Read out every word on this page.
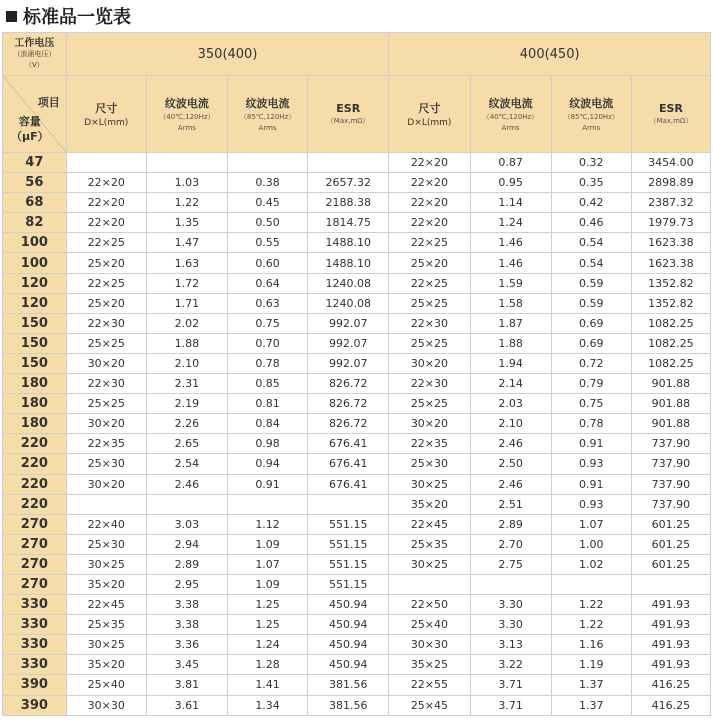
标准品一览表
工作电压
（浪涌电压）
（V）	350(400)				400(450)			

项目
容量
（μF）	尺寸
D×L(mm)	纹波电流
（40℃,120Hz）
Arms	纹波电流
（85℃,120Hz）
Arms	ESR
（Max,mΩ）	尺寸
D×L(mm)	纹波电流
（40℃,120Hz）
Arms	纹波电流
（85℃,120Hz）
Arms	ESR
（Max,mΩ）

47					22×20	0.87	0.32	3454.00
56	22×20	1.03	0.38	2657.32	22×20	0.95	0.35	2898.89
68	22×20	1.22	0.45	2188.38	22×20	1.14	0.42	2387.32
82	22×20	1.35	0.50	1814.75	22×20	1.24	0.46	1979.73
100	22×25	1.47	0.55	1488.10	22×25	1.46	0.54	1623.38
100	25×20	1.63	0.60	1488.10	25×20	1.46	0.54	1623.38
120	22×25	1.72	0.64	1240.08	22×25	1.59	0.59	1352.82
120	25×20	1.71	0.63	1240.08	25×25	1.58	0.59	1352.82
150	22×30	2.02	0.75	992.07	22×30	1.87	0.69	1082.25
150	25×25	1.88	0.70	992.07	25×25	1.88	0.69	1082.25
150	30×20	2.10	0.78	992.07	30×20	1.94	0.72	1082.25
180	22×30	2.31	0.85	826.72	22×30	2.14	0.79	901.88
180	25×25	2.19	0.81	826.72	25×25	2.03	0.75	901.88
180	30×20	2.26	0.84	826.72	30×20	2.10	0.78	901.88
220	22×35	2.65	0.98	676.41	22×35	2.46	0.91	737.90
220	25×30	2.54	0.94	676.41	25×30	2.50	0.93	737.90
220	30×20	2.46	0.91	676.41	30×25	2.46	0.91	737.90
220					35×20	2.51	0.93	737.90
270	22×40	3.03	1.12	551.15	22×45	2.89	1.07	601.25
270	25×30	2.94	1.09	551.15	25×35	2.70	1.00	601.25
270	30×25	2.89	1.07	551.15	30×25	2.75	1.02	601.25
270	35×20	2.95	1.09	551.15				
330	22×45	3.38	1.25	450.94	22×50	3.30	1.22	491.93
330	25×35	3.38	1.25	450.94	25×40	3.30	1.22	491.93
330	30×25	3.36	1.24	450.94	30×30	3.13	1.16	491.93
330	35×20	3.45	1.28	450.94	35×25	3.22	1.19	491.93
390	25×40	3.81	1.41	381.56	22×55	3.71	1.37	416.25
390	30×30	3.61	1.34	381.56	25×45	3.71	1.37	416.25
